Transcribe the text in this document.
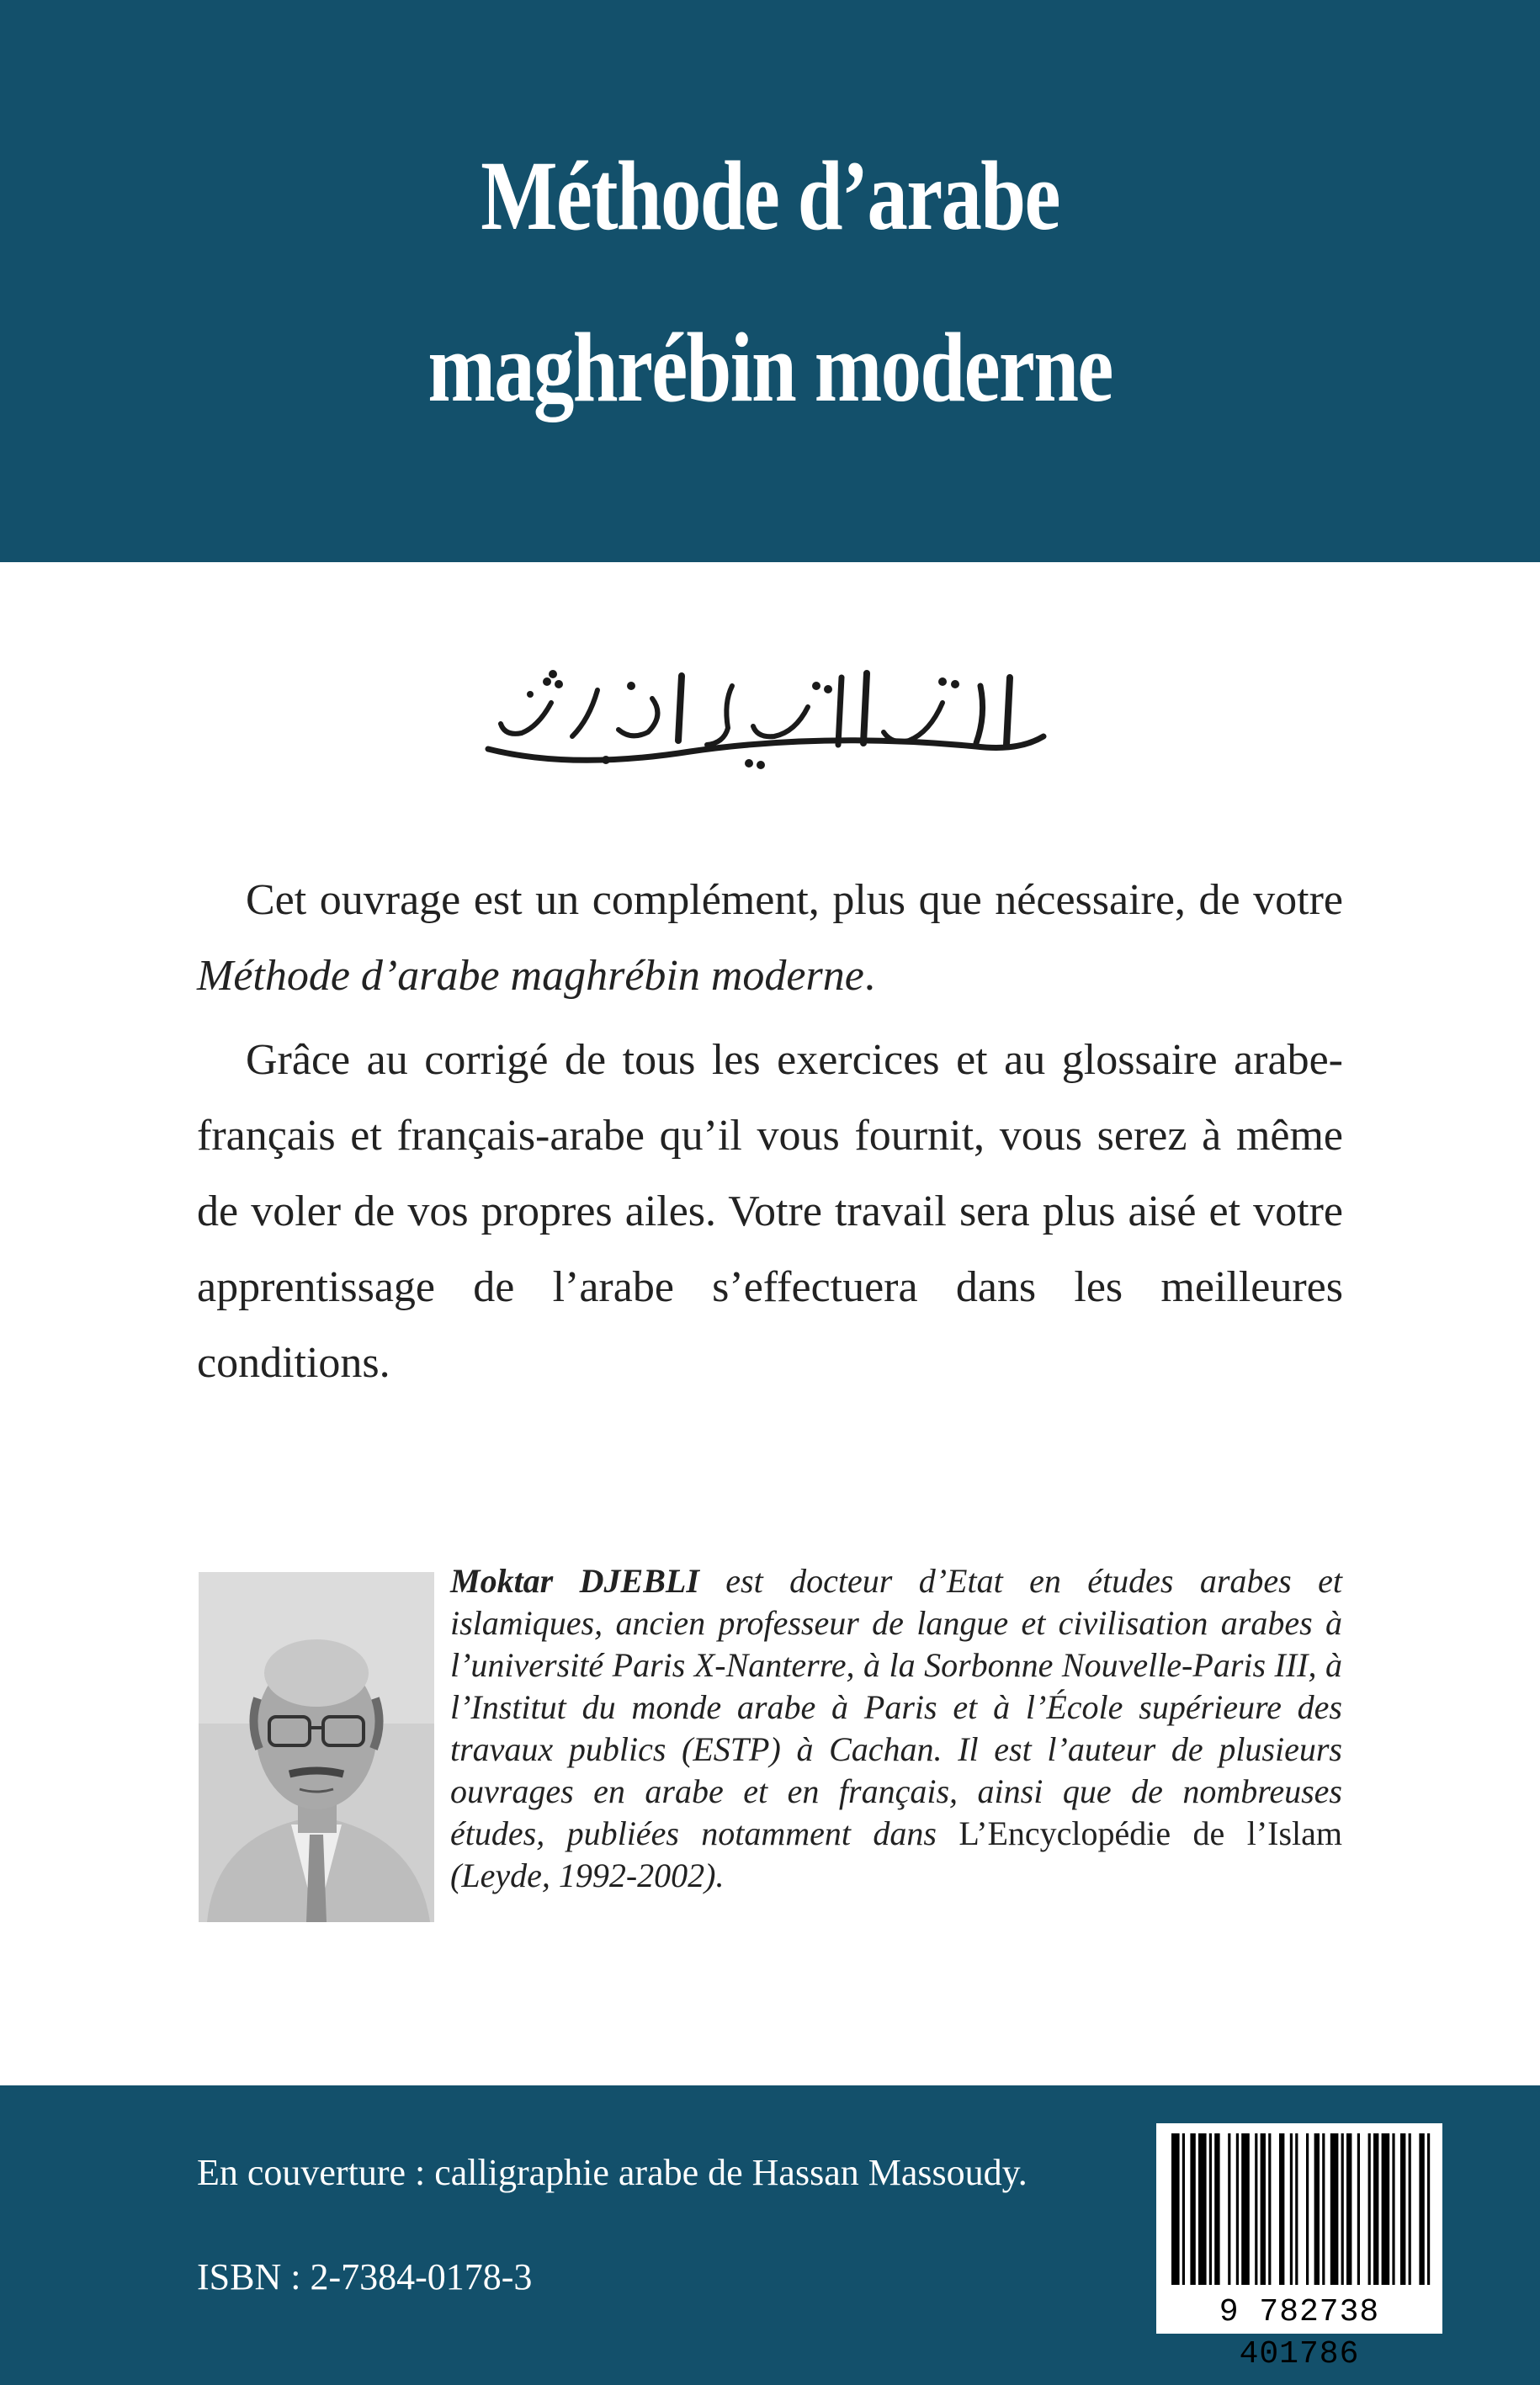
Méthode d’arabe
maghrébin moderne
Cet ouvrage est un complément, plus que nécessaire, de votre Méthode d’arabe maghrébin moderne.
Grâce au corrigé de tous les exercices et au glossaire arabe-français et français-arabe qu’il vous fournit, vous serez à même de voler de vos propres ailes. Votre travail sera plus aisé et votre apprentissage de l’arabe s’effectuera dans les meilleures conditions.
Moktar DJEBLI est docteur d’Etat en études arabes et islamiques, ancien professeur de langue et civilisation arabes à l’université Paris X-Nanterre, à la Sorbonne Nouvelle-Paris III, à l’Institut du monde arabe à Paris et à l’École supérieure des travaux publics (ESTP) à Cachan. Il est l’auteur de plusieurs ouvrages en arabe et en français, ainsi que de nombreuses études, publiées notamment dans L’Encyclopédie de l’Islam (Leyde, 1992-2002).
En couverture : calligraphie arabe de Hassan Massoudy.
ISBN : 2-7384-0178-3
9 782738 401786
